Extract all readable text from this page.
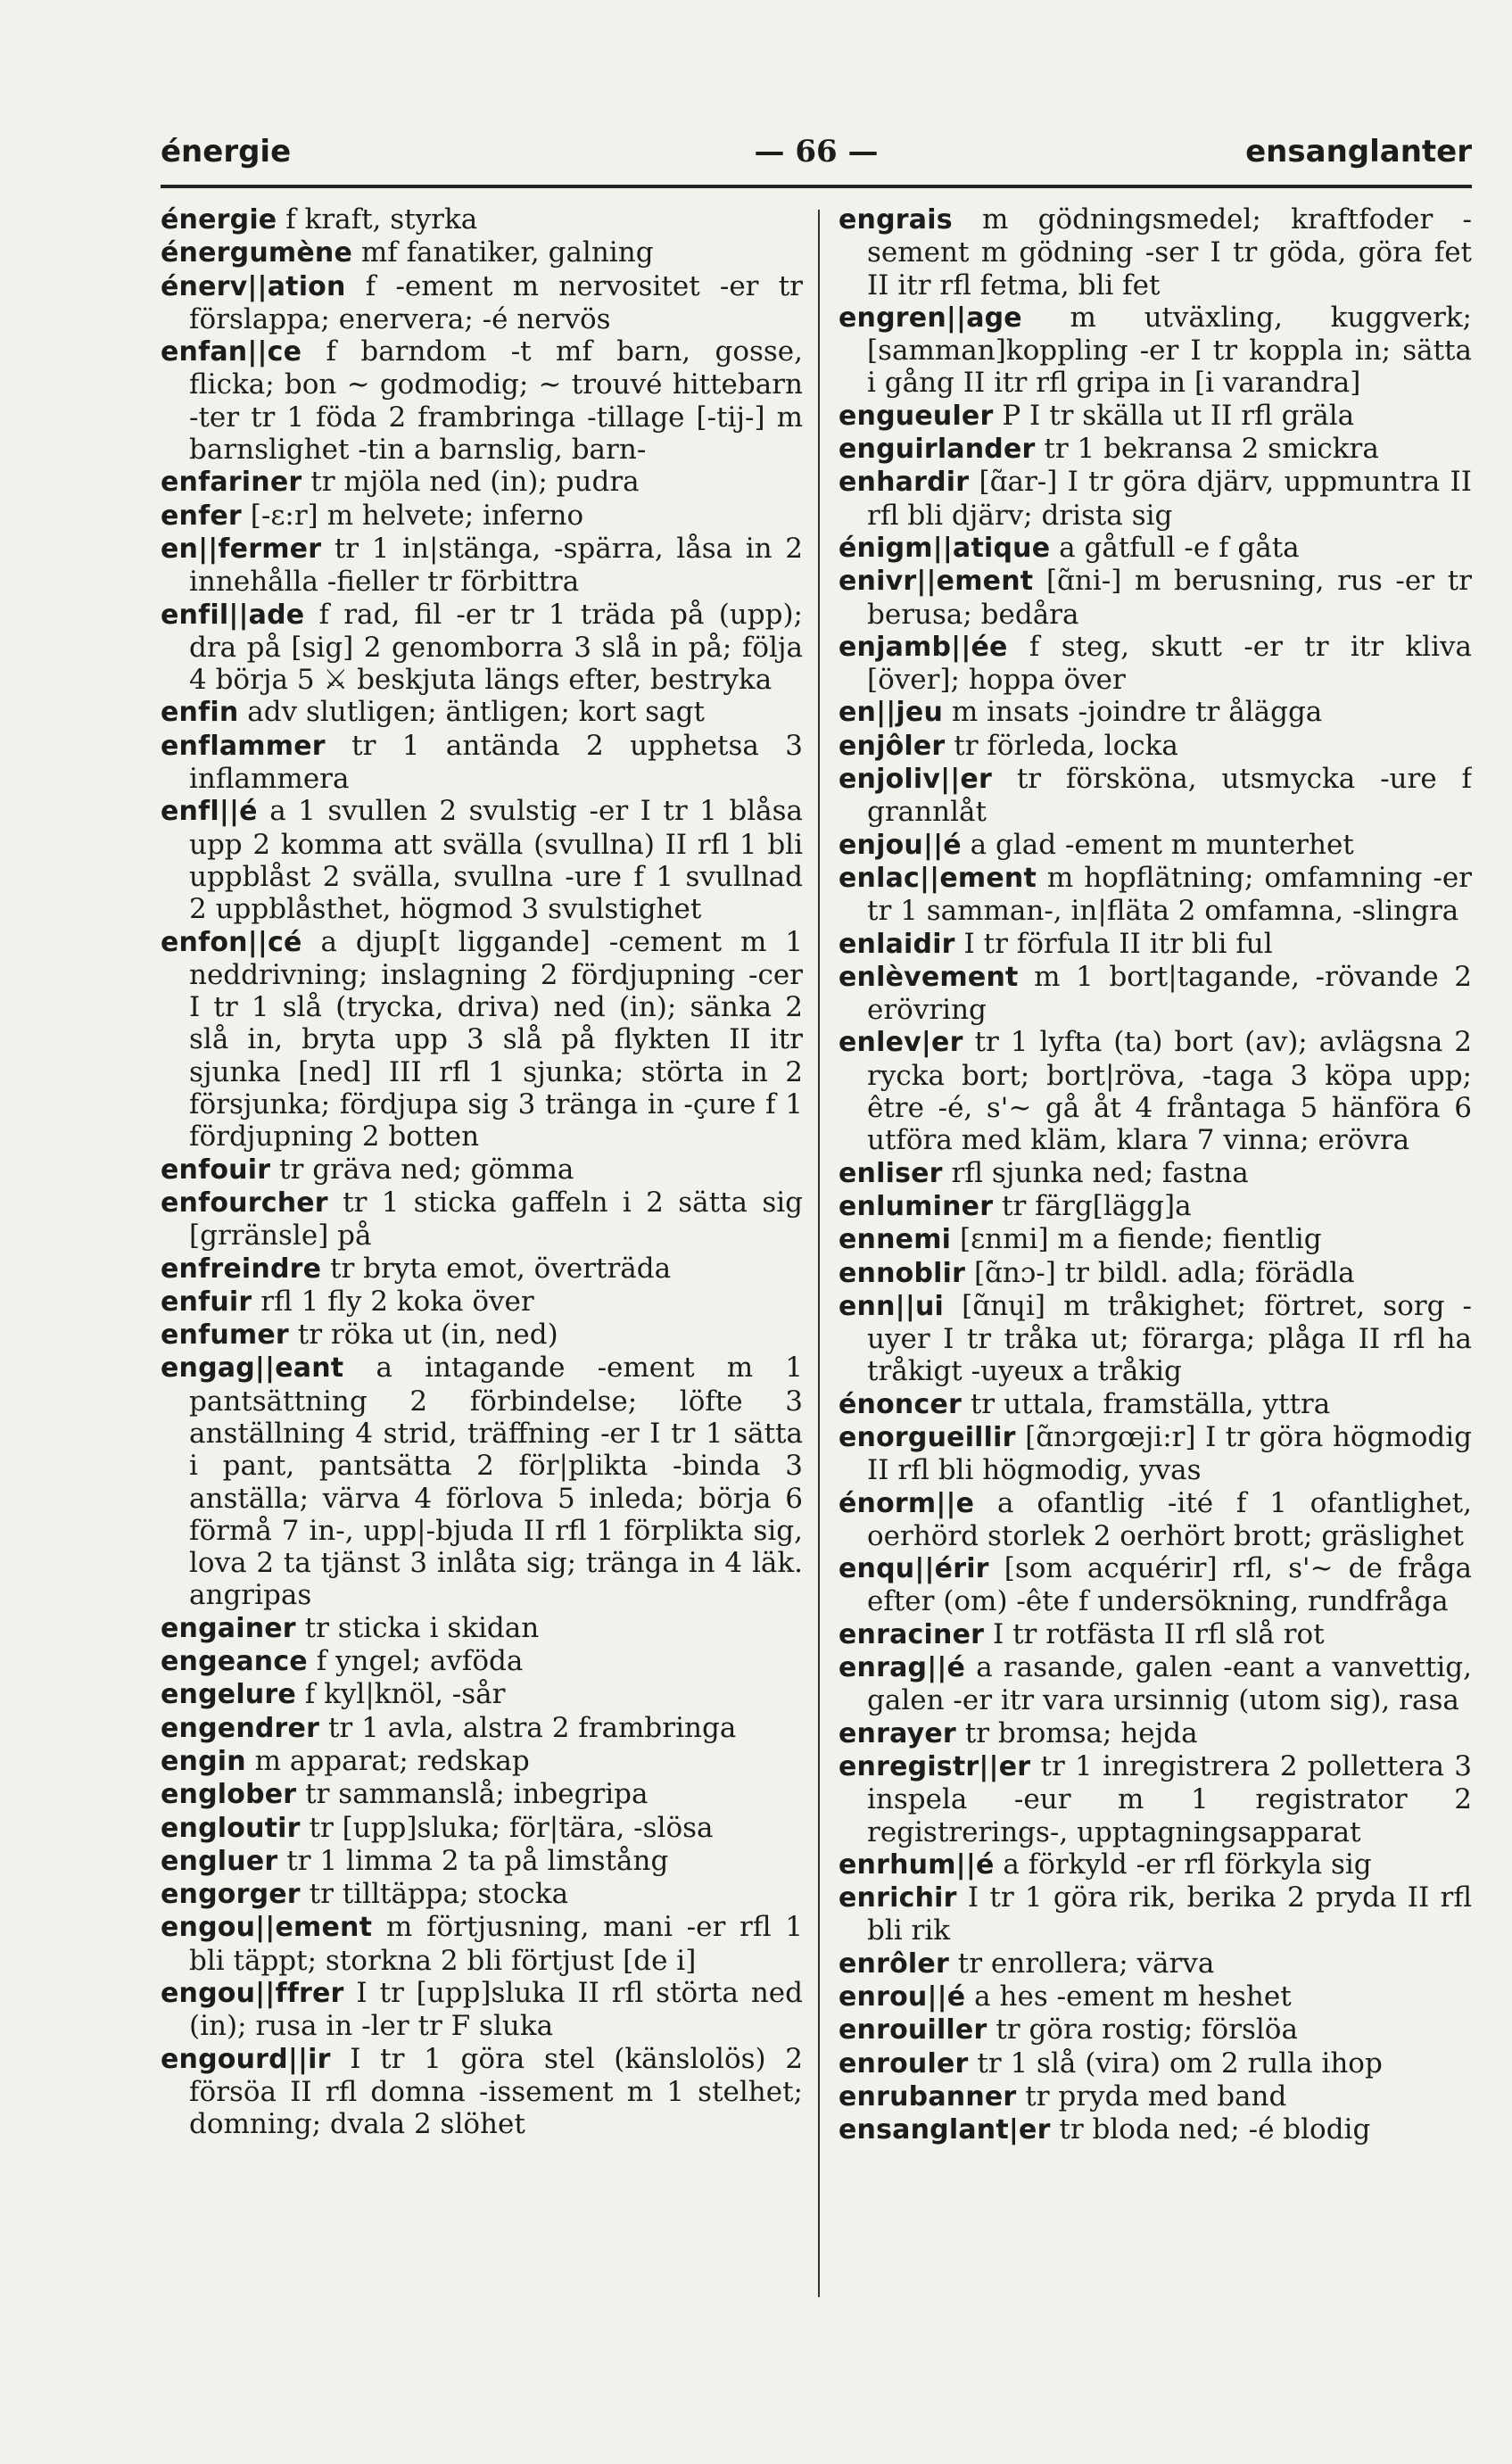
énergie	— 66 —	ensanglanter

énergie f kraft, styrka

énergumène mf fanatiker, galning

énerv||ation f -ement m nervositet -er tr förslappa; enervera; -é nervös

enfan||ce f barndom -t mf barn, gosse, flicka; bon ~ godmodig; ~ trouvé hittebarn -ter tr 1 föda 2 frambringa -tillage [-tij-] m barnslighet -tin a barnslig, barn-

enfariner tr mjöla ned (in); pudra

enfer [-ɛ:r] m helvete; inferno

en||fermer tr 1 in|stänga, -spärra, låsa in 2 innehålla -fieller tr förbittra

enfil||ade f rad, fil -er tr 1 träda på (upp); dra på [sig] 2 genomborra 3 slå in på; följa 4 börja 5 ⚔ beskjuta längs efter, bestryka

enfin adv slutligen; äntligen; kort sagt

enflammer tr 1 antända 2 upphetsa 3 inflammera

enfl||é a 1 svullen 2 svulstig -er I tr 1 blåsa upp 2 komma att svälla (svullna) II rfl 1 bli uppblåst 2 svälla, svullna -ure f 1 svullnad 2 uppblåsthet, högmod 3 svulstighet

enfon||cé a djup[t liggande] -cement m 1 neddrivning; inslagning 2 fördjupning -cer I tr 1 slå (trycka, driva) ned (in); sänka 2 slå in, bryta upp 3 slå på flykten II itr sjunka [ned] III rfl 1 sjunka; störta in 2 försjunka; fördjupa sig 3 tränga in -çure f 1 fördjupning 2 botten

enfouir tr gräva ned; gömma

enfourcher tr 1 sticka gaffeln i 2 sätta sig [grränsle] på

enfreindre tr bryta emot, överträda

enfuir rfl 1 fly 2 koka över

enfumer tr röka ut (in, ned)

engag||eant a intagande -ement m 1 pantsättning 2 förbindelse; löfte 3 anställning 4 strid, träffning -er I tr 1 sätta i pant, pantsätta 2 för|plikta -binda 3 anställa; värva 4 förlova 5 inleda; börja 6 förmå 7 in-, upp|-bjuda II rfl 1 förplikta sig, lova 2 ta tjänst 3 inlåta sig; tränga in 4 läk. angripas

engainer tr sticka i skidan

engeance f yngel; avföda

engelure f kyl|knöl, -sår

engendrer tr 1 avla, alstra 2 frambringa

engin m apparat; redskap

englober tr sammanslå; inbegripa

engloutir tr [upp]sluka; för|tära, -slösa

engluer tr 1 limma 2 ta på limstång

engorger tr tilltäppa; stocka

engou||ement m förtjusning, mani -er rfl 1 bli täppt; storkna 2 bli förtjust [de i]

engou||ffrer I tr [upp]sluka II rfl störta ned (in); rusa in -ler tr F sluka

engourd||ir I tr 1 göra stel (känslolös) 2 försöa II rfl domna -issement m 1 stelhet; domning; dvala 2 slöhet

engrais m gödningsmedel; kraftfoder -sement m gödning -ser I tr göda, göra fet II itr rfl fetma, bli fet

engren||age m utväxling, kuggverk; [samman]koppling -er I tr koppla in; sätta i gång II itr rfl gripa in [i varandra]

engueuler P I tr skälla ut II rfl gräla

enguirlander tr 1 bekransa 2 smickra

enhardir [ɑ̃ar-] I tr göra djärv, uppmuntra II rfl bli djärv; drista sig

énigm||atique a gåtfull -e f gåta

enivr||ement [ɑ̃ni-] m berusning, rus -er tr berusa; bedåra

enjamb||ée f steg, skutt -er tr itr kliva [över]; hoppa över

en||jeu m insats -joindre tr ålägga

enjôler tr förleda, locka

enjoliv||er tr försköna, utsmycka -ure f grannlåt

enjou||é a glad -ement m munterhet

enlac||ement m hopflätning; omfamning -er tr 1 samman-, in|fläta 2 omfamna, -slingra

enlaidir I tr förfula II itr bli ful

enlèvement m 1 bort|tagande, -rövande 2 erövring

enlev|er tr 1 lyfta (ta) bort (av); avlägsna 2 rycka bort; bort|röva, -taga 3 köpa upp; être -é, s'~ gå åt 4 fråntaga 5 hänföra 6 utföra med kläm, klara 7 vinna; erövra

enliser rfl sjunka ned; fastna

enluminer tr färg[lägg]a

ennemi [ɛnmi] m a fiende; fientlig

ennoblir [ɑ̃nɔ-] tr bildl. adla; förädla

enn||ui [ɑ̃nɥi] m tråkighet; förtret, sorg -uyer I tr tråka ut; förarga; plåga II rfl ha tråkigt -uyeux a tråkig

énoncer tr uttala, framställa, yttra

enorgueillir [ɑ̃nɔrgœji:r] I tr göra högmodig II rfl bli högmodig, yvas

énorm||e a ofantlig -ité f 1 ofantlighet, oerhörd storlek 2 oerhört brott; gräslighet

enqu||érir [som acquérir] rfl, s'~ de fråga efter (om) -ête f undersökning, rundfråga

enraciner I tr rotfästa II rfl slå rot

enrag||é a rasande, galen -eant a vanvettig, galen -er itr vara ursinnig (utom sig), rasa

enrayer tr bromsa; hejda

enregistr||er tr 1 inregistrera 2 pollettera 3 inspela -eur m 1 registrator 2 registrerings-, upptagningsapparat

enrhum||é a förkyld -er rfl förkyla sig

enrichir I tr 1 göra rik, berika 2 pryda II rfl bli rik

enrôler tr enrollera; värva

enrou||é a hes -ement m heshet

enrouiller tr göra rostig; förslöa

enrouler tr 1 slå (vira) om 2 rulla ihop

enrubanner tr pryda med band

ensanglant|er tr bloda ned; -é blodig
